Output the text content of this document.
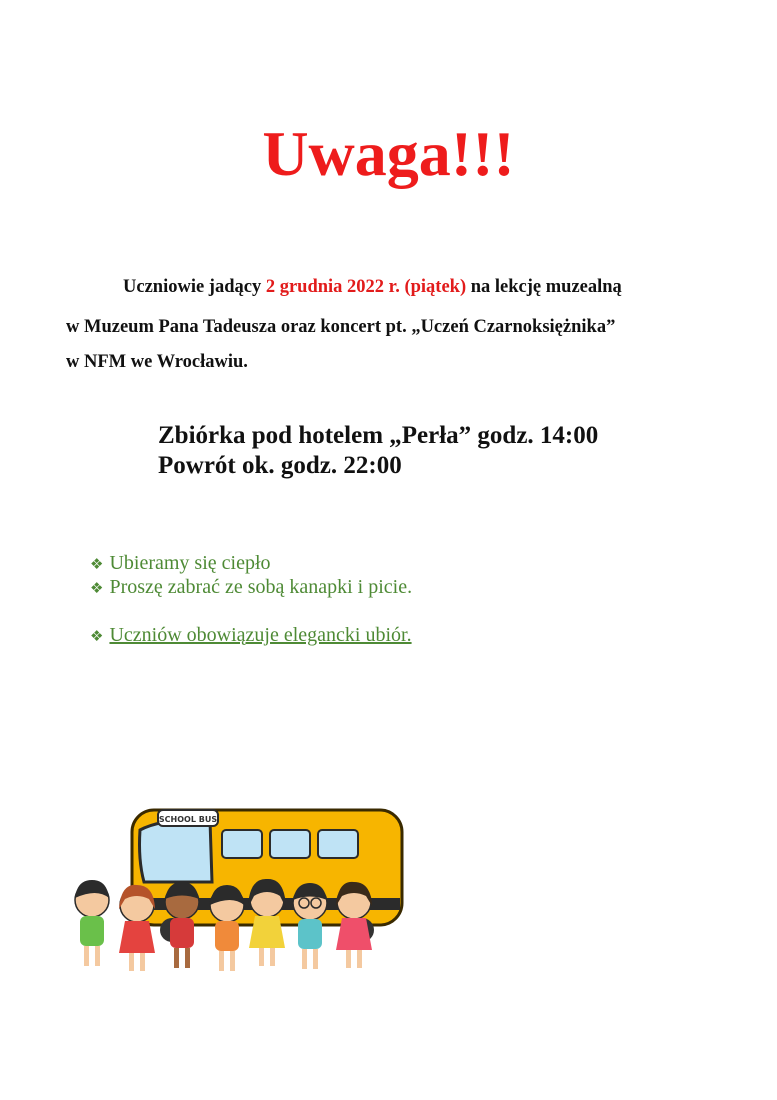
Uwaga!!!
Uczniowie jadący 2 grudnia 2022 r. (piątek) na lekcję muzealną
w Muzeum Pana Tadeusza oraz koncert pt. „Uczeń Czarnoksiężnika”
w NFM we Wrocławiu.
Zbiórka pod hotelem „Perła” godz. 14:00
Powrót ok. godz. 22:00
❖ Ubieramy się ciepło
❖ Proszę zabrać ze sobą kanapki i picie.
❖ Uczniów obowiązuje elegancki ubiór.
SCHOOL BUS
